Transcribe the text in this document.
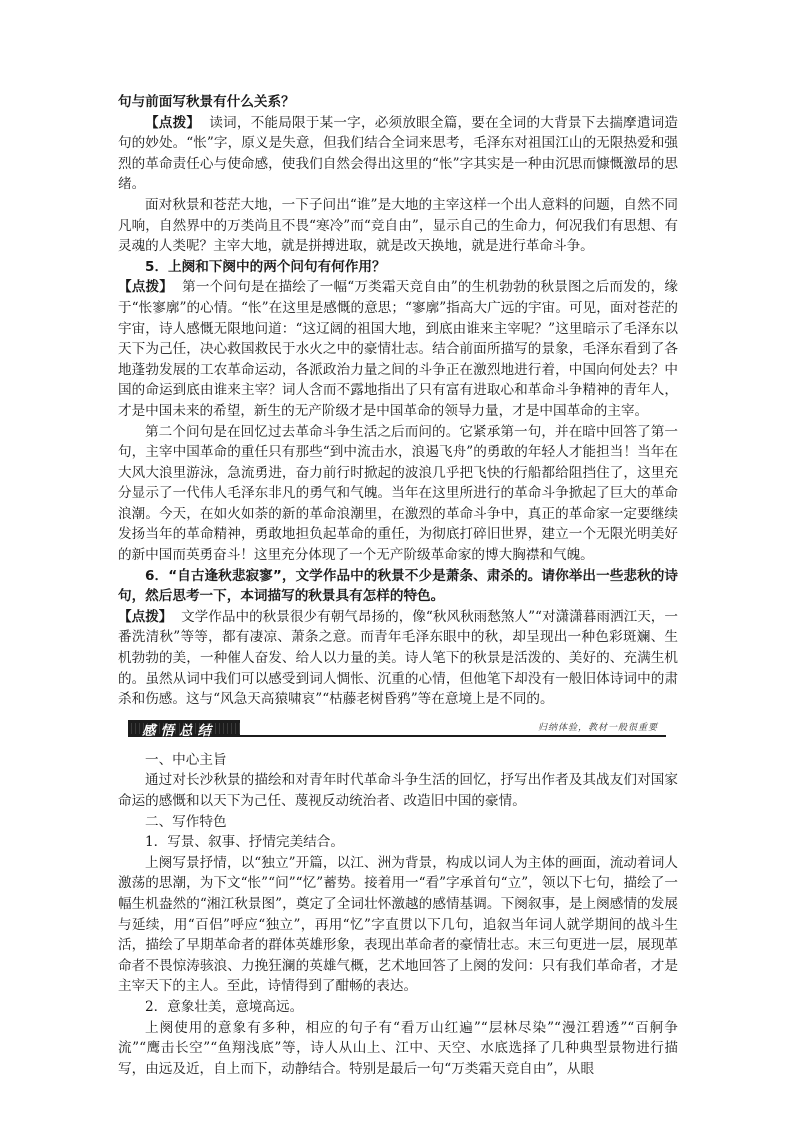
句与前面写秋景有什么关系？

【点拨】 读词，不能局限于某一字，必须放眼全篇，要在全词的大背景下去揣摩遣词造句的妙处。“怅”字，原义是失意，但我们结合全词来思考，毛泽东对祖国江山的无限热爱和强烈的革命责任心与使命感，使我们自然会得出这里的“怅”字其实是一种由沉思而慷慨激昂的思绪。

面对秋景和苍茫大地，一下子问出“谁”是大地的主宰这样一个出人意料的问题，自然不同凡响，自然界中的万类尚且不畏“寒冷”而“竞自由”，显示自己的生命力，何况我们有思想、有灵魂的人类呢？主宰大地，就是拼搏进取，就是改天换地，就是进行革命斗争。

5．上阕和下阕中的两个问句有何作用？

【点拨】 第一个问句是在描绘了一幅“万类霜天竞自由”的生机勃勃的秋景图之后而发的，缘于“怅寥廓”的心情。“怅”在这里是感慨的意思；“寥廓”指高大广远的宇宙。可见，面对苍茫的宇宙，诗人感慨无限地问道：“这辽阔的祖国大地，到底由谁来主宰呢？”这里暗示了毛泽东以天下为己任，决心救国救民于水火之中的豪情壮志。结合前面所描写的景象，毛泽东看到了各地蓬勃发展的工农革命运动，各派政治力量之间的斗争正在激烈地进行着，中国向何处去？中国的命运到底由谁来主宰？词人含而不露地指出了只有富有进取心和革命斗争精神的青年人，才是中国未来的希望，新生的无产阶级才是中国革命的领导力量，才是中国革命的主宰。

第二个问句是在回忆过去革命斗争生活之后而问的。它紧承第一句，并在暗中回答了第一句，主宰中国革命的重任只有那些“到中流击水，浪遏飞舟”的勇敢的年轻人才能担当！当年在大风大浪里游泳，急流勇进，奋力前行时掀起的波浪几乎把飞快的行船都给阻挡住了，这里充分显示了一代伟人毛泽东非凡的勇气和气魄。当年在这里所进行的革命斗争掀起了巨大的革命浪潮。今天，在如火如荼的新的革命浪潮里，在激烈的革命斗争中，真正的革命家一定要继续发扬当年的革命精神，勇敢地担负起革命的重任，为彻底打碎旧世界，建立一个无限光明美好的新中国而英勇奋斗！这里充分体现了一个无产阶级革命家的博大胸襟和气魄。

6．“自古逢秋悲寂寥”，文学作品中的秋景不少是萧条、肃杀的。请你举出一些悲秋的诗句，然后思考一下，本词描写的秋景具有怎样的特色。

【点拨】 文学作品中的秋景很少有朝气昂扬的，像“秋风秋雨愁煞人”“对潇潇暮雨洒江天，一番洗清秋”等等，都有凄凉、萧条之意。而青年毛泽东眼中的秋，却呈现出一种色彩斑斓、生机勃勃的美，一种催人奋发、给人以力量的美。诗人笔下的秋景是活泼的、美好的、充满生机的。虽然从词中我们可以感受到词人惆怅、沉重的心情，但他笔下却没有一般旧体诗词中的肃杀和伤感。这与“风急天高猿啸哀”“枯藤老树昏鸦”等在意境上是不同的。

感悟总结	归纳体验，教材一般很重要

一、中心主旨

通过对长沙秋景的描绘和对青年时代革命斗争生活的回忆，抒写出作者及其战友们对国家命运的感慨和以天下为己任、蔑视反动统治者、改造旧中国的豪情。

二、写作特色

1．写景、叙事、抒情完美结合。

上阕写景抒情，以“独立”开篇，以江、洲为背景，构成以词人为主体的画面，流动着词人激荡的思潮，为下文“怅”“问”“忆”蓄势。接着用一“看”字承首句“立”，领以下七句，描绘了一幅生机盎然的“湘江秋景图”，奠定了全词壮怀激越的感情基调。下阕叙事，是上阕感情的发展与延续，用“百侣”呼应“独立”，再用“忆”字直贯以下几句，追叙当年词人就学期间的战斗生活，描绘了早期革命者的群体英雄形象，表现出革命者的豪情壮志。末三句更进一层，展现革命者不畏惊涛骇浪、力挽狂澜的英雄气概，艺术地回答了上阕的发问：只有我们革命者，才是主宰天下的主人。至此，诗情得到了酣畅的表达。

2．意象壮美，意境高远。

上阕使用的意象有多种，相应的句子有“看万山红遍”“层林尽染”“漫江碧透”“百舸争流”“鹰击长空”“鱼翔浅底”等，诗人从山上、江中、天空、水底选择了几种典型景物进行描写，由远及近，自上而下，动静结合。特别是最后一句“万类霜天竞自由”，从眼
